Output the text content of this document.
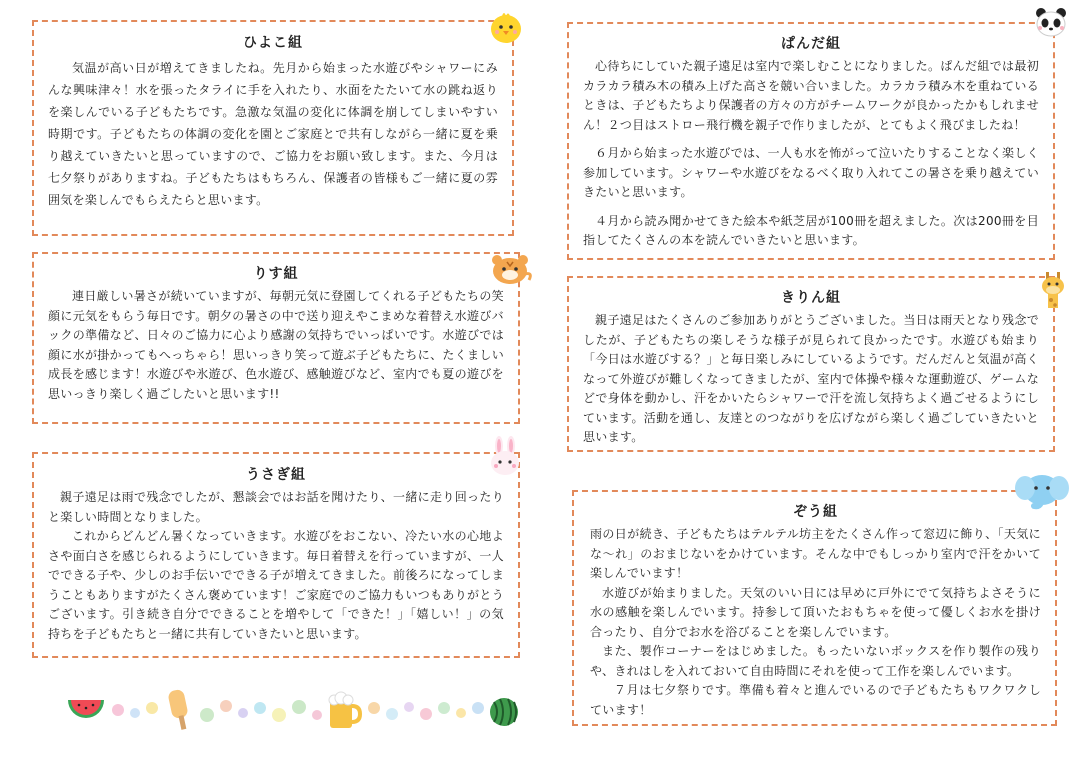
ひよこ組

気温が高い日が増えてきましたね。先月から始まった水遊びやシャワーにみんな興味津々！水を張ったタライに手を入れたり、水面をたたいて水の跳ね返りを楽しんでいる子どもたちです。急激な気温の変化に体調を崩してしまいやすい時期です。子どもたちの体調の変化を園とご家庭とで共有しながら一緒に夏を乗り越えていきたいと思っていますので、ご協力をお願い致します。また、今月は七夕祭りがありますね。子どもたちはもちろん、保護者の皆様もご一緒に夏の雰囲気を楽しんでもらえたらと思います。

りす組

連日厳しい暑さが続いていますが、毎朝元気に登園してくれる子どもたちの笑顔に元気をもらう毎日です。朝夕の暑さの中で送り迎えやこまめな着替え水遊びバックの準備など、日々のご協力に心より感謝の気持ちでいっぱいです。水遊びでは顔に水が掛かってもへっちゃら！思いっきり笑って遊ぶ子どもたちに、たくましい成長を感じます！水遊びや氷遊び、色水遊び、感触遊びなど、室内でも夏の遊びを思いっきり楽しく過ごしたいと思います!!

うさぎ組

親子遠足は雨で残念でしたが、懇談会ではお話を聞けたり、一緒に走り回ったりと楽しい時間となりました。

これからどんどん暑くなっていきます。水遊びをおこない、冷たい水の心地よさや面白さを感じられるようにしていきます。毎日着替えを行っていますが、一人でできる子や、少しのお手伝いでできる子が増えてきました。前後ろになってしまうこともありますがたくさん褒めています！ご家庭でのご協力もいつもありがとうございます。引き続き自分でできることを増やして「できた！」「嬉しい！」の気持ちを子どもたちと一緒に共有していきたいと思います。

ぱんだ組

心待ちにしていた親子遠足は室内で楽しむことになりました。ぱんだ組では最初カラカラ積み木の積み上げた高さを競い合いました。カラカラ積み木を重ねているときは、子どもたちより保護者の方々の方がチームワークが良かったかもしれません！２つ目はストロー飛行機を親子で作りましたが、とてもよく飛びましたね！

６月から始まった水遊びでは、一人も水を怖がって泣いたりすることなく楽しく参加しています。シャワーや水遊びをなるべく取り入れてこの暑さを乗り越えていきたいと思います。

４月から読み聞かせてきた絵本や紙芝居が100冊を超えました。次は200冊を目指してたくさんの本を読んでいきたいと思います。

きりん組

親子遠足はたくさんのご参加ありがとうございました。当日は雨天となり残念でしたが、子どもたちの楽しそうな様子が見られて良かったです。水遊びも始まり「今日は水遊びする？」と毎日楽しみにしているようです。だんだんと気温が高くなって外遊びが難しくなってきましたが、室内で体操や様々な運動遊び、ゲームなどで身体を動かし、汗をかいたらシャワーで汗を流し気持ちよく過ごせるようにしています。活動を通し、友達とのつながりを広げながら楽しく過ごしていきたいと思います。

ぞう組

雨の日が続き、子どもたちはテルテル坊主をたくさん作って窓辺に飾り、「天気にな～れ」のおまじないをかけています。そんな中でもしっかり室内で汗をかいて楽しんでいます！

水遊びが始まりました。天気のいい日には早めに戸外にでて気持ちよさそうに水の感触を楽しんでいます。持参して頂いたおもちゃを使って優しくお水を掛け合ったり、自分でお水を浴びることを楽しんでいます。

また、製作コーナーをはじめました。もったいないボックスを作り製作の残りや、きれはしを入れておいて自由時間にそれを使って工作を楽しんでいます。

７月は七夕祭りです。準備も着々と進んでいるので子どもたちもワクワクしています！
